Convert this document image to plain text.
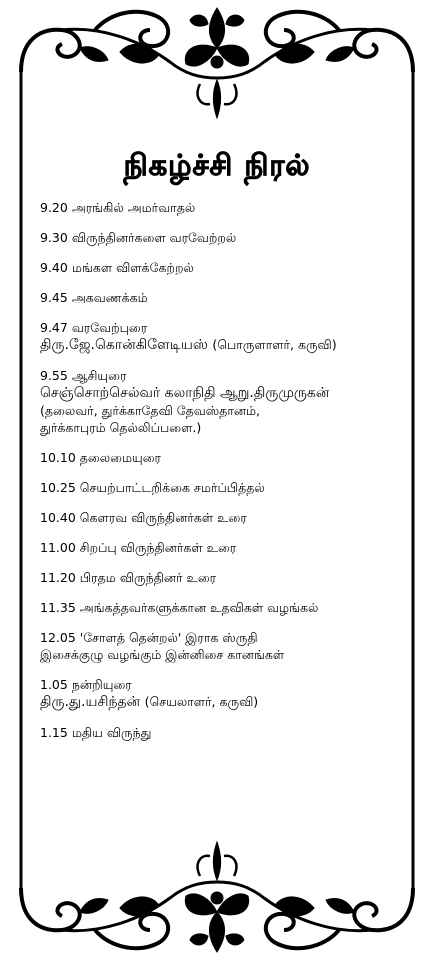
நிகழ்ச்சி நிரல்
9.20 அரங்கில் அமர்வாதல்
9.30 விருந்தினர்களை வரவேற்றல்
9.40 மங்கள விளக்கேற்றல்
9.45 அகவணக்கம்
9.47 வரவேற்புரை
திரு.ஜே.கொன்கிளேடியஸ் (பொருளாளர், கருவி)
9.55 ஆசியுரை
செஞ்சொற்செல்வர் கலாநிதி ஆறு.திருமுருகன்
(தலைவர், துர்க்காதேவி தேவஸ்தானம்,
துர்க்காபுரம் தெல்லிப்பளை.)
10.10 தலைமையுரை
10.25 செயற்பாட்டறிக்கை சமர்ப்பித்தல்
10.40 கௌரவ விருந்தினர்கள் உரை
11.00 சிறப்பு விருந்தினர்கள் உரை
11.20 பிரதம விருந்தினர் உரை
11.35 அங்கத்தவர்களுக்கான உதவிகள் வழங்கல்
12.05 'சோளத் தென்றல்' இராக ஸ்ருதி
இசைக்குழு வழங்கும் இன்னிசை கானங்கள்
1.05 நன்றியுரை
திரு.து.யசிந்தன் (செயலாளர், கருவி)
1.15 மதிய விருந்து
